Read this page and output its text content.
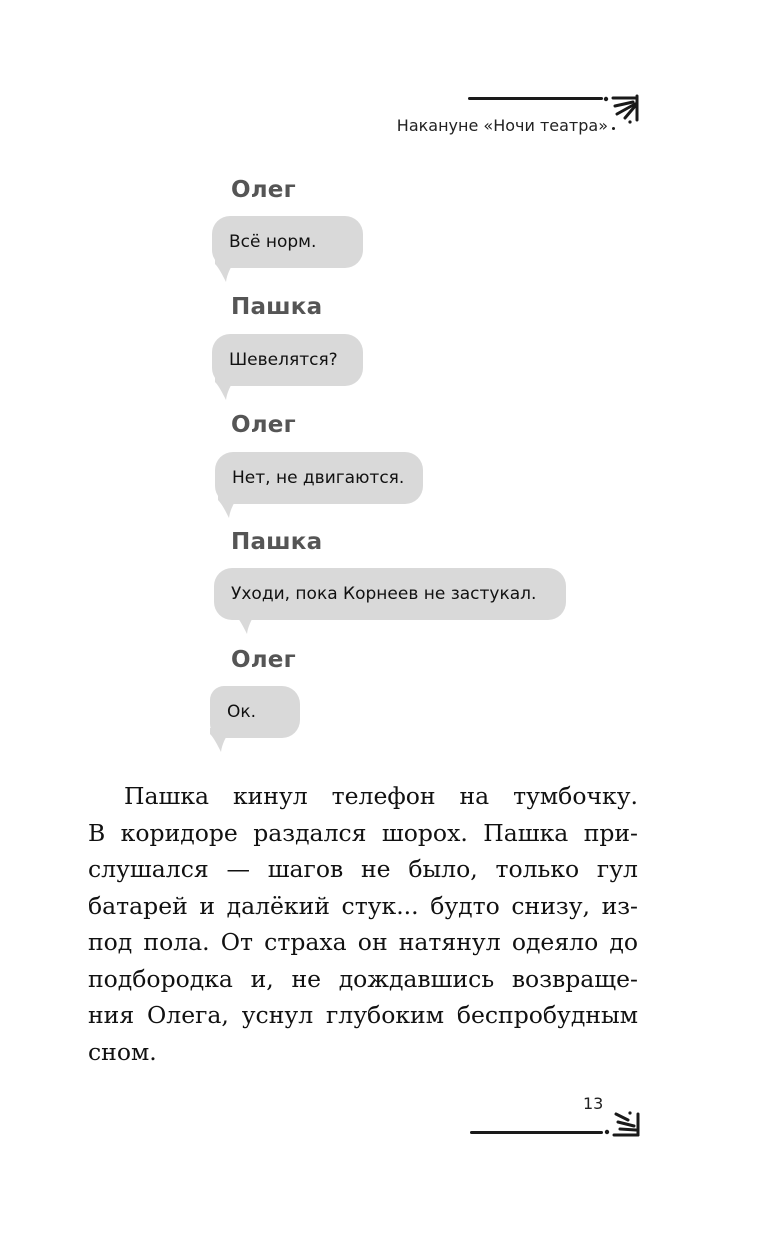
Накануне «Ночи театра»
Олег
Всё норм.
Пашка
Шевелятся?
Олег
Нет, не двигаются.
Пашка
Уходи, пока Корнеев не застукал.
Олег
Ок.
Пашка кинул телефон на тумбочку.
В коридоре раздался шорох. Пашка при-
слушался — шагов не было, только гул
батарей и далёкий стук... будто снизу, из-
под пола. От страха он натянул одеяло до
подбородка и, не дождавшись возвраще-
ния Олега, уснул глубоким беспробудным
сном.
13
